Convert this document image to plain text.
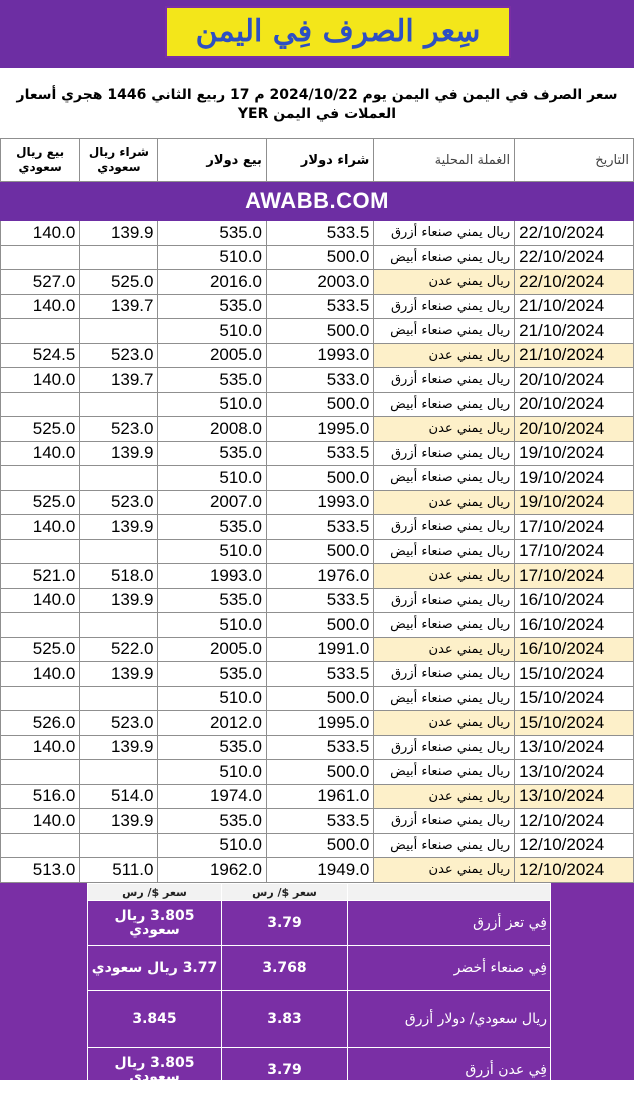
سِعر الصرف فِي اليمن
سعر الصرف في اليمن في اليمن يوم 2024/10/22 م 17 ربيع الثاني 1446 هجري أسعار العملات في اليمن YER
التاريخ	الغملة المحلية	شراء دولار	بيع دولار	شراء ريال سعودي	بيع ريال سعودي
AWABB.COM					
22/10/2024	ريال يمني صنعاء أزرق	533.5	535.0	139.9	140.0
22/10/2024	ريال يمني صنعاء أبيض	500.0	510.0		
22/10/2024	ريال يمني عدن	2003.0	2016.0	525.0	527.0
21/10/2024	ريال يمني صنعاء أزرق	533.5	535.0	139.7	140.0
21/10/2024	ريال يمني صنعاء أبيض	500.0	510.0		
21/10/2024	ريال يمني عدن	1993.0	2005.0	523.0	524.5
20/10/2024	ريال يمني صنعاء أزرق	533.0	535.0	139.7	140.0
20/10/2024	ريال يمني صنعاء أبيض	500.0	510.0		
20/10/2024	ريال يمني عدن	1995.0	2008.0	523.0	525.0
19/10/2024	ريال يمني صنعاء أزرق	533.5	535.0	139.9	140.0
19/10/2024	ريال يمني صنعاء أبيض	500.0	510.0		
19/10/2024	ريال يمني عدن	1993.0	2007.0	523.0	525.0
17/10/2024	ريال يمني صنعاء أزرق	533.5	535.0	139.9	140.0
17/10/2024	ريال يمني صنعاء أبيض	500.0	510.0		
17/10/2024	ريال يمني عدن	1976.0	1993.0	518.0	521.0
16/10/2024	ريال يمني صنعاء أزرق	533.5	535.0	139.9	140.0
16/10/2024	ريال يمني صنعاء أبيض	500.0	510.0		
16/10/2024	ريال يمني عدن	1991.0	2005.0	522.0	525.0
15/10/2024	ريال يمني صنعاء أزرق	533.5	535.0	139.9	140.0
15/10/2024	ريال يمني صنعاء أبيض	500.0	510.0		
15/10/2024	ريال يمني عدن	1995.0	2012.0	523.0	526.0
13/10/2024	ريال يمني صنعاء أزرق	533.5	535.0	139.9	140.0
13/10/2024	ريال يمني صنعاء أبيض	500.0	510.0		
13/10/2024	ريال يمني عدن	1961.0	1974.0	514.0	516.0
12/10/2024	ريال يمني صنعاء أزرق	533.5	535.0	139.9	140.0
12/10/2024	ريال يمني صنعاء أبيض	500.0	510.0		
12/10/2024	ريال يمني عدن	1949.0	1962.0	511.0	513.0
	سعر $/ رس	سعر $/ رس
فِي تعز أزرق	3.79	3.805 ريال سعودي
فِي صنعاء أخضر	3.768	3.77 ريال سعودي
ريال سعودي/ دولار أزرق	3.83	3.845
فِي عدن أزرق	3.79	3.805 ريال سعودي
